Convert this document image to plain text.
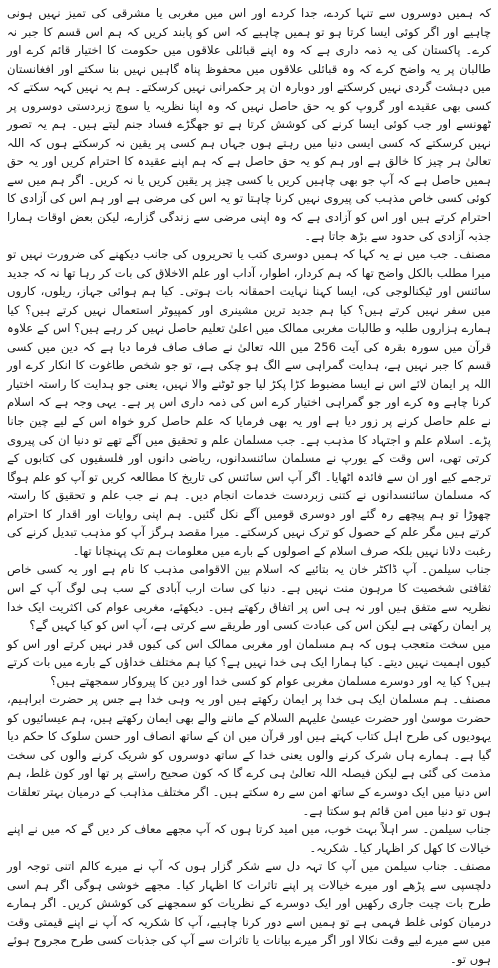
کہ ہمیں دوسروں سے تنہا کردے، جدا کردے اور اس میں مغربی یا مشرقی کی تمیز نہیں ہونی چاہیے اور اگر کوئی ایسا کرتا ہو تو ہمیں چاہیے کہ اس کو پابند کریں کہ ہم اس قسم کا جبر نہ کرے۔ پاکستان کی یہ ذمہ داری ہے کہ وہ اپنے قبائلی علاقوں میں حکومت کا اختیار قائم کرے اور طالبان پر یہ واضح کرے کہ وہ قبائلی علاقوں میں محفوظ پناہ گاہیں نہیں بنا سکتے اور افغانستان میں دہشت گردی نہیں کرسکتے اور دوبارہ ان پر حکمرانی نہیں کرسکتے۔ ہم یہ نہیں کہہ سکتے کہ کسی بھی عقیدے اور گروپ کو یہ حق حاصل نہیں کہ وہ اپنا نظریہ یا سوچ زبردستی دوسروں پر ٹھونسے اور جب کوئی ایسا کرنے کی کوشش کرتا ہے تو جھگڑے فساد جنم لیتے ہیں۔ ہم یہ تصور نہیں کرسکتے کہ کسی ایسی دنیا میں رہتے ہوں جہاں ہم کسی پر یقین نہ کرسکتے ہوں کہ اللہ تعالیٰ ہر چیز کا خالق ہے اور ہم کو یہ حق حاصل ہے کہ ہم اپنے عقیدہ کا احترام کریں اور یہ حق ہمیں حاصل ہے کہ آپ جو بھی چاہیں کریں یا کسی چیز پر یقین کریں یا نہ کریں۔ اگر ہم میں سے کوئی کسی خاص مذہب کی پیروی نہیں کرنا چاہتا تو یہ اس کی مرضی ہے اور ہم اس کی آزادی کا احترام کرتے ہیں اور اس کو آزادی ہے کہ وہ اپنی مرضی سے زندگی گزارے، لیکن بعض اوقات ہمارا جذبہ آزادی کی حدود سے بڑھ جاتا ہے۔

مصنف۔ جب میں نے یہ کہا کہ ہمیں دوسری کتب یا تحریروں کی جانب دیکھنے کی ضرورت نہیں تو میرا مطلب بالکل واضح تھا کہ ہم کردار، اطوار، آداب اور علم الاخلاق کی بات کر رہا تھا نہ کہ جدید سائنس اور ٹیکنالوجی کی، ایسا کہنا نہایت احمقانہ بات ہوتی۔ کیا ہم ہوائی جہاز، ریلوں، کاروں میں سفر نہیں کرتے ہیں؟ کیا ہم جدید ترین مشینری اور کمپیوٹر استعمال نہیں کرتے ہیں؟ کیا ہمارے ہزاروں طلبہ و طالبات مغربی ممالک میں اعلیٰ تعلیم حاصل نہیں کر رہے ہیں؟ اس کے علاوہ قرآن میں سورہ بقرہ کی آیت 256 میں اللہ تعالیٰ نے صاف صاف فرما دیا ہے کہ دین میں کسی قسم کا جبر نہیں ہے، ہدایت گمراہی سے الگ ہو چکی ہے، تو جو شخص طاغوت کا انکار کرے اور اللہ پر ایمان لائے اس نے ایسا مضبوط کڑا پکڑ لیا جو ٹوٹنے والا نہیں، یعنی جو ہدایت کا راستہ اختیار کرنا چاہے وہ کرے اور جو گمراہی اختیار کرے اس کی ذمہ داری اس پر ہے۔ یہی وجہ ہے کہ اسلام نے علم حاصل کرنے پر زور دیا ہے اور یہ بھی فرمایا کہ علم حاصل کرو خواہ اس کے لیے چین جانا پڑے۔ اسلام علم و اجتہاد کا مذہب ہے۔ جب مسلمان علم و تحقیق میں آگے تھے تو دنیا ان کی پیروی کرتی تھی، اس وقت کے یورپ نے مسلمان سائنسدانوں، ریاضی دانوں اور فلسفیوں کی کتابوں کے ترجمے کیے اور ان سے فائدہ اٹھایا۔ اگر آپ اس سائنس کی تاریخ کا مطالعہ کریں تو آپ کو علم ہوگا کہ مسلمان سائنسدانوں نے کتنی زبردست خدمات انجام دیں۔ ہم نے جب علم و تحقیق کا راستہ چھوڑا تو ہم پیچھے رہ گئے اور دوسری قومیں آگے نکل گئیں۔ ہم اپنی روایات اور اقدار کا احترام کرتے ہیں مگر علم کے حصول کو ترک نہیں کرسکتے۔ میرا مقصد ہرگز آپ کو مذہب تبدیل کرنے کی رغبت دلانا نہیں بلکہ صرف اسلام کے اصولوں کے بارے میں معلومات ہم تک پہنچانا تھا۔

جناب سیلمن۔ آپ ڈاکٹر خان یہ بتائیے کہ اسلام بین الاقوامی مذہب کا نام ہے اور یہ کسی خاص ثقافتی شخصیت کا مرہون منت نہیں ہے۔ دنیا کی سات ارب آبادی کے سب ہی لوگ آپ کے اس نظریہ سے متفق ہیں اور نہ ہی اس پر اتفاق رکھتے ہیں۔ دیکھئے، مغربی عوام کی اکثریت ایک خدا پر ایمان رکھتی ہے لیکن اس کی عبادت کسی اور طریقے سے کرتی ہے، آپ اس کو کیا کہیں گے؟

میں سخت متعجب ہوں کہ ہم مسلمان اور مغربی ممالک اس کی کیوں قدر نہیں کرتے اور اس کو کیوں اہمیت نہیں دیتے۔ کیا ہمارا ایک ہی خدا نہیں ہے؟ کیا ہم مختلف خداؤں کے بارے میں بات کرتے ہیں؟ کیا یہ اور دوسرے مسلمان مغربی عوام کو کسی خدا اور دین کا پیروکار سمجھتے ہیں؟

مصنف۔ ہم مسلمان ایک ہی خدا پر ایمان رکھتے ہیں اور یہ وہی خدا ہے جس پر حضرت ابراہیم، حضرت موسیٰ اور حضرت عیسیٰ علیہم السلام کے ماننے والے بھی ایمان رکھتے ہیں، ہم عیسائیوں کو یہودیوں کی طرح اہل کتاب کہتے ہیں اور قرآن میں ان کے ساتھ انصاف اور حسن سلوک کا حکم دیا گیا ہے۔ ہمارے ہاں شرک کرنے والوں یعنی خدا کے ساتھ دوسروں کو شریک کرنے والوں کی سخت مذمت کی گئی ہے لیکن فیصلہ اللہ تعالیٰ ہی کرے گا کہ کون صحیح راستے پر تھا اور کون غلط، ہم اس دنیا میں ایک دوسرے کے ساتھ امن سے رہ سکتے ہیں۔ اگر مختلف مذاہب کے درمیان بہتر تعلقات ہوں تو دنیا میں امن قائم ہو سکتا ہے۔

جناب سیلمن۔ سر اہلاً بہت خوب، میں امید کرتا ہوں کہ آپ مجھے معاف کر دیں گے کہ میں نے اپنے خیالات کا کھل کر اظہار کیا۔ شکریہ۔

مصنف۔ جناب سیلمن میں آپ کا تہہ دل سے شکر گزار ہوں کہ آپ نے میرے کالم اتنی توجہ اور دلچسپی سے پڑھے اور میرے خیالات پر اپنے تاثرات کا اظہار کیا۔ مجھے خوشی ہوگی اگر ہم اسی طرح بات چیت جاری رکھیں اور ایک دوسرے کے نظریات کو سمجھنے کی کوشش کریں۔ اگر ہمارے درمیان کوئی غلط فہمی ہے تو ہمیں اسے دور کرنا چاہیے، آپ کا شکریہ کہ آپ نے اپنے قیمتی وقت میں سے میرے لیے وقت نکالا اور اگر میرے بیانات یا تاثرات سے آپ کی جذبات کسی طرح مجروح ہوئے ہوں تو۔
